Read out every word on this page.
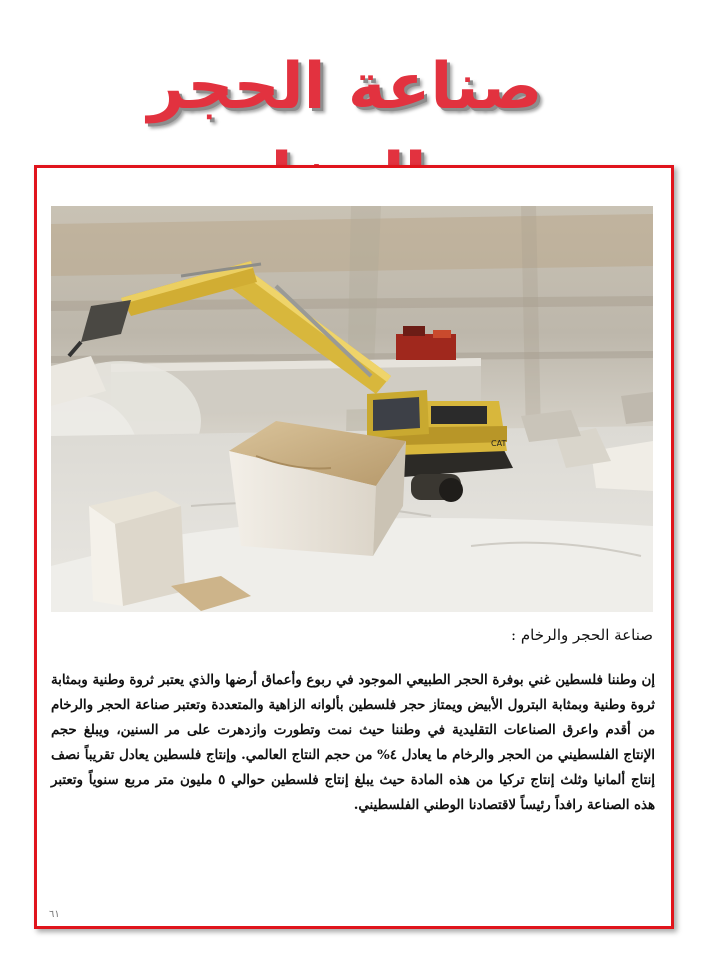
صناعة الحجر
CAT
صناعة الحجر والرخام :
إن وطننا فلسطين غني بوفرة الحجر الطبيعي الموجود في ربوع وأعماق أرضها والذي يعتبر ثروة وطنية وبمثابة ثروة وطنية وبمثابة البترول الأبيض ويمتاز حجر فلسطين بألوانه الزاهية والمتعددة وتعتبر صناعة الحجر والرخام من أقدم واعرق الصناعات التقليدية في وطننا حيث نمت وتطورت وازدهرت على مر السنين، ويبلغ حجم الإنتاج الفلسطيني من الحجر والرخام ما يعادل ٤% من حجم النتاج العالمي. وإنتاج فلسطين يعادل تقريباً نصف إنتاج ألمانيا وثلث إنتاج تركيا من هذه المادة حيث يبلغ إنتاج فلسطين حوالي ٥ مليون متر مربع سنوياً وتعتبر هذه الصناعة رافداً رئيساً لاقتصادنا الوطني الفلسطيني.
٦١
